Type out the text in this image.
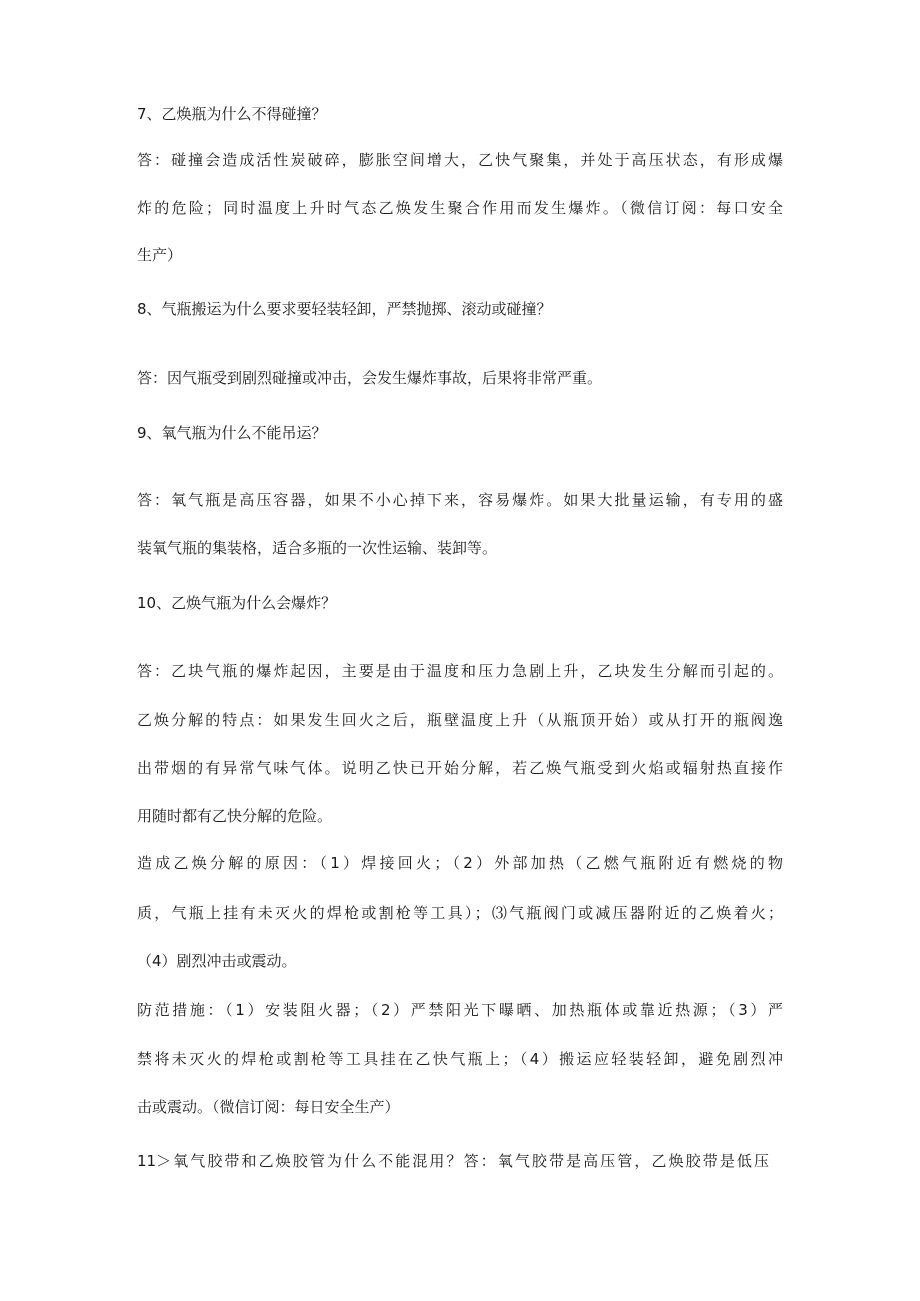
7、乙焕瓶为什么不得碰撞？
答：碰撞会造成活性炭破碎，膨胀空间增大，乙快气聚集，并处于高压状态，有形成爆
炸的危险；同时温度上升时气态乙焕发生聚合作用而发生爆炸。（微信订阅：每口安全
生产）
8、气瓶搬运为什么要求要轻装轻卸，严禁抛掷、滚动或碰撞？
答：因气瓶受到剧烈碰撞或冲击，会发生爆炸事故，后果将非常严重。
9、氧气瓶为什么不能吊运？
答：氧气瓶是高压容器，如果不小心掉下来，容易爆炸。如果大批量运输，有专用的盛
装氧气瓶的集装格，适合多瓶的一次性运输、装卸等。
10、乙焕气瓶为什么会爆炸？
答：乙块气瓶的爆炸起因，主要是由于温度和压力急剧上升，乙块发生分解而引起的。
乙焕分解的特点：如果发生回火之后，瓶壁温度上升（从瓶顶开始）或从打开的瓶阀逸
出带烟的有异常气味气体。说明乙快已开始分解，若乙焕气瓶受到火焰或辐射热直接作
用随时都有乙快分解的危险。
造成乙焕分解的原因：（1）焊接回火；（2）外部加热（乙燃气瓶附近有燃烧的物
质，气瓶上挂有未灭火的焊枪或割枪等工具）；⑶气瓶阀门或减压器附近的乙焕着火；
（4）剧烈冲击或震动。
防范措施：（1）安装阻火器；（2）严禁阳光下曝晒、加热瓶体或靠近热源；（3）严
禁将未灭火的焊枪或割枪等工具挂在乙快气瓶上；（4）搬运应轻装轻卸，避免剧烈冲
击或震动。（微信订阅：每日安全生产）
11＞氧气胶带和乙焕胶管为什么不能混用？答：氧气胶带是高压管，乙焕胶带是低压
